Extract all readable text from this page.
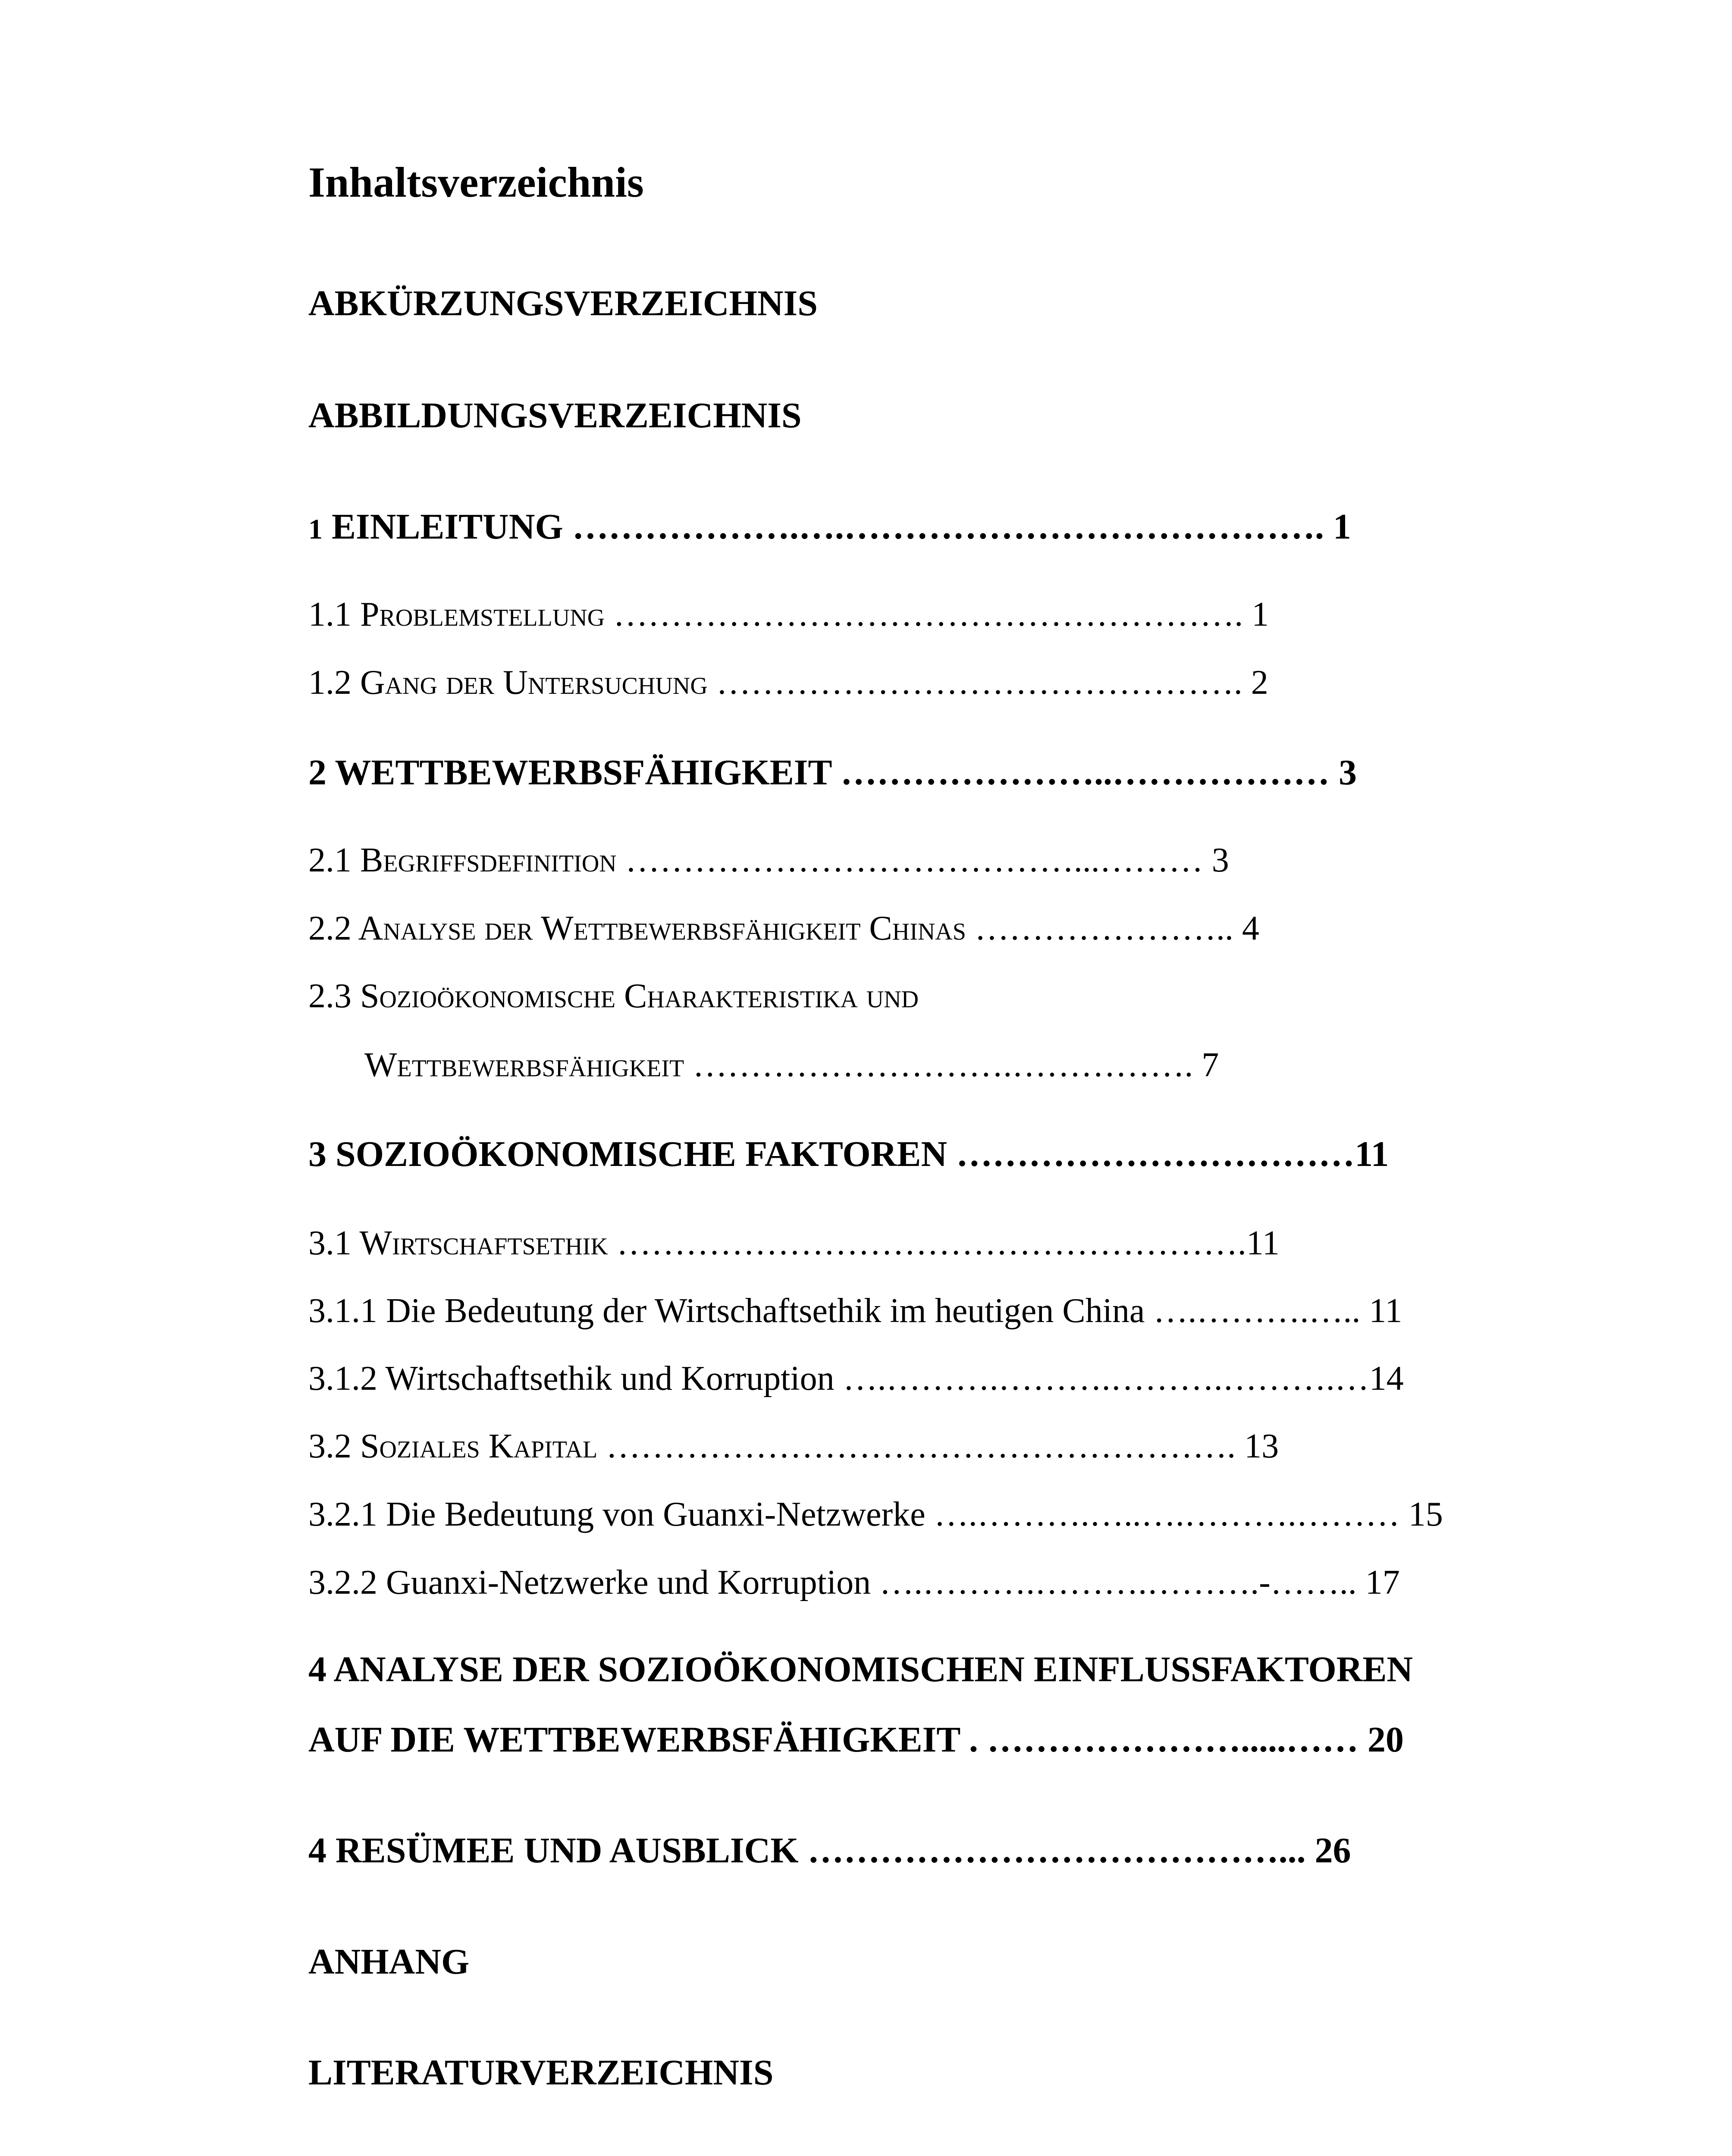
Inhaltsverzeichnis
ABKÜRZUNGSVERZEICHNIS
ABBILDUNGSVERZEICHNIS
1 EINLEITUNG ……………….….…………………………………. 1
1.1 Problemstellung ………………………………………………. 1
1.2 Gang der Untersuchung ………………………………………. 2
2 WETTBEWERBSFÄHIGKEIT …………………..……………… 3
2.1 Begriffsdefinition …………………………………...……… 3
2.2 Analyse der Wettbewerbsfähigkeit Chinas ………………….. 4
2.3 Sozioökonomische Charakteristika und
Wettbewerbsfähigkeit ……………………….……………. 7
3 SOZIOÖKONOMISCHE FAKTOREN ……………………………11
3.1 Wirtschaftsethik ……………………………………………….11
3.1.1 Die Bedeutung der Wirtschaftsethik im heutigen China ….……….….. 11
3.1.2 Wirtschaftsethik und Korruption ….……….……….……….……….…14
3.2 Soziales Kapital ………………………………………………. 13
3.2.1 Die Bedeutung von Guanxi-Netzwerke ….……….…..….……….……… 15
3.2.2 Guanxi-Netzwerke und Korruption ….……….……….……….-…….. 17
4 ANALYSE DER SOZIOÖKONOMISCHEN EINFLUSSFAKTOREN
AUF DIE WETTBEWERBSFÄHIGKEIT . ………………….....…… 20
4 RESÜMEE UND AUSBLICK …………………………………... 26
ANHANG
LITERATURVERZEICHNIS
